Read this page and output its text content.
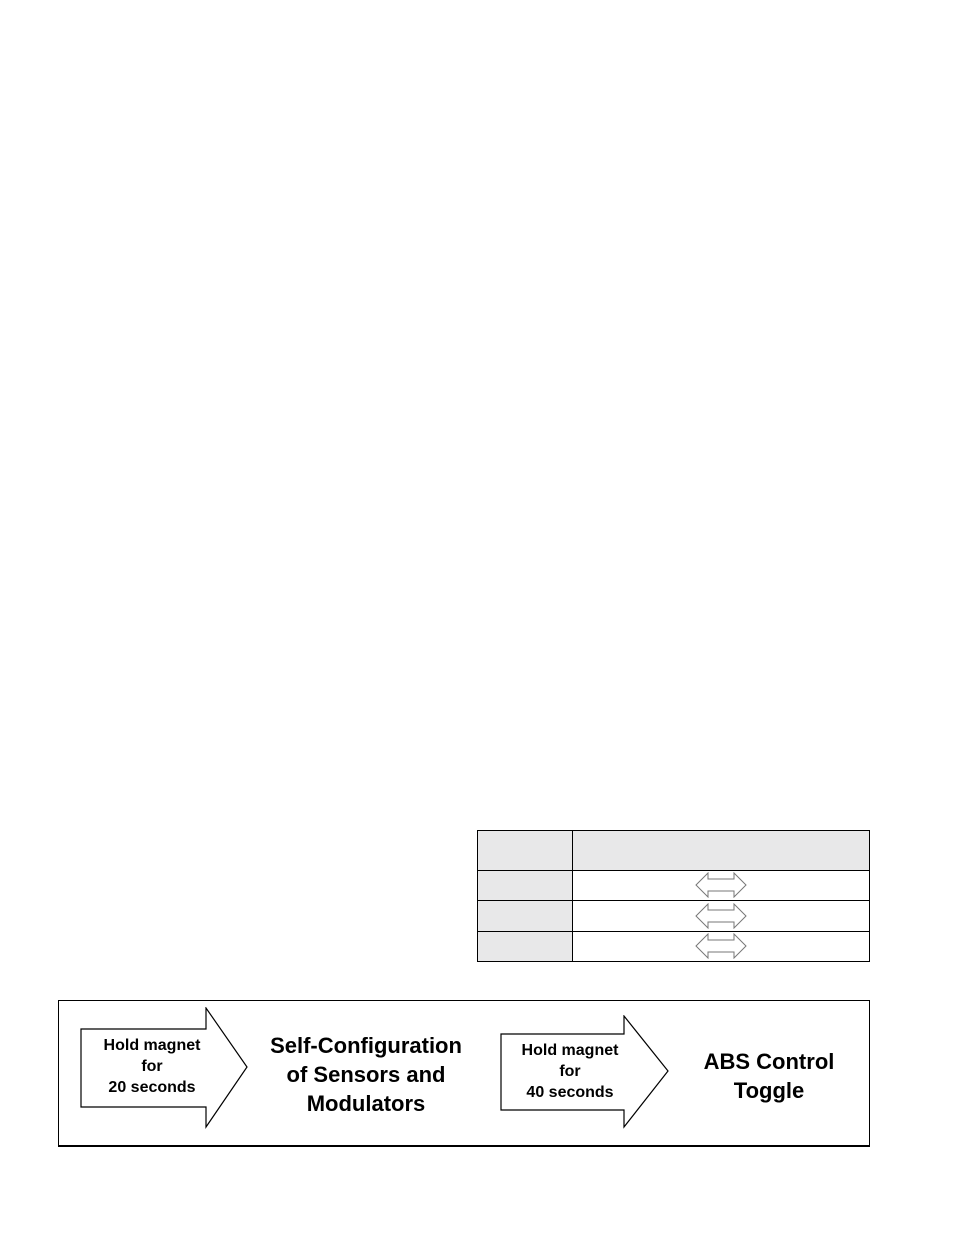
Hold magnet
for
20 seconds
Self-Configuration
of Sensors and
Modulators
Hold magnet
for
40 seconds
ABS Control
Toggle
